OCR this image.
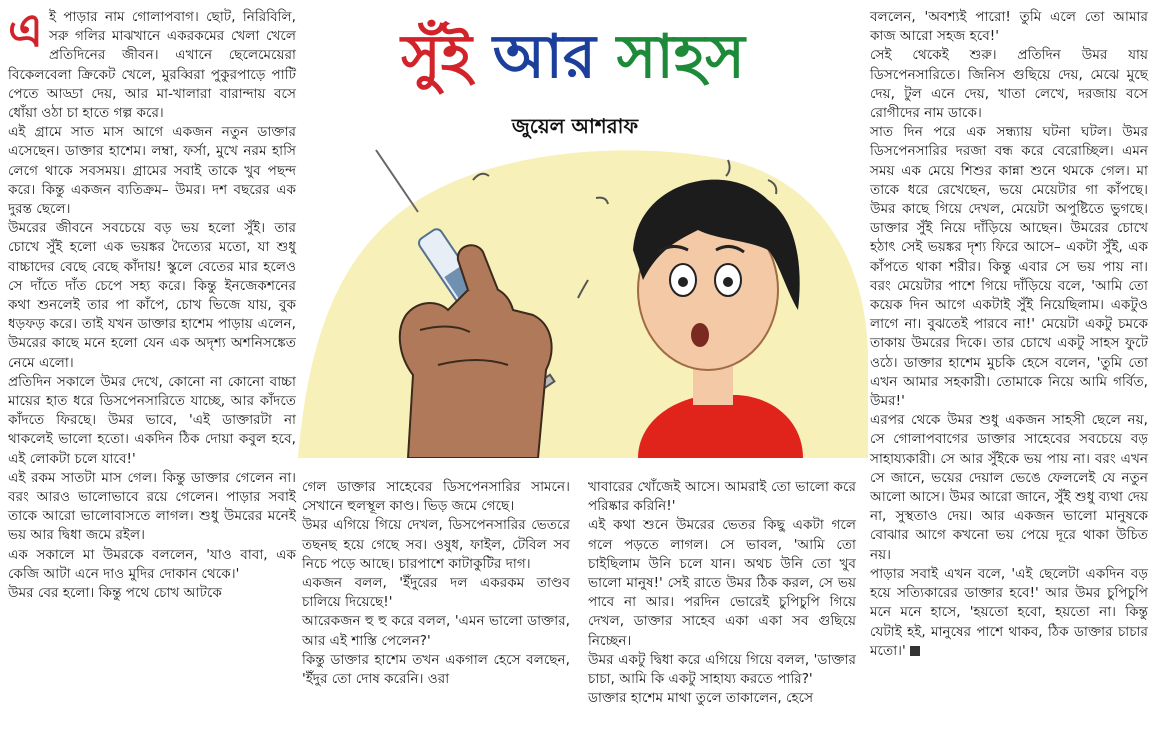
এই পাড়ার নাম গোলাপবাগ। ছোট, নিরিবিলি, সরু গলির মাঝখানে একরকমের খেলা খেলে প্রতিদিনের জীবন। এখানে ছেলেমেয়েরা বিকেলবেলা ক্রিকেট খেলে, মুরব্বিরা পুকুরপাড়ে পাটি পেতে আড্ডা দেয়, আর মা-খালারা বারান্দায় বসে ধোঁয়া ওঠা চা হাতে গল্প করে।

এই গ্রামে সাত মাস আগে একজন নতুন ডাক্তার এসেছেন। ডাক্তার হাশেম। লম্বা, ফর্সা, মুখে নরম হাসি লেগে থাকে সবসময়। গ্রামের সবাই তাকে খুব পছন্দ করে। কিন্তু একজন ব্যতিক্রম– উমর। দশ বছরের এক দুরন্ত ছেলে।

উমরের জীবনে সবচেয়ে বড় ভয় হলো সুঁই। তার চোখে সুঁই হলো এক ভয়ঙ্কর দৈত্যের মতো, যা শুধু বাচ্চাদের বেছে বেছে কাঁদায়! স্কুলে বেতের মার হলেও সে দাঁতে দাঁত চেপে সহ্য করে। কিন্তু ইনজেকশনের কথা শুনলেই তার পা কাঁপে, চোখ ভিজে যায়, বুক ধড়ফড় করে। তাই যখন ডাক্তার হাশেম পাড়ায় এলেন, উমরের কাছে মনে হলো যেন এক অদৃশ্য অশনিসঙ্কেত নেমে এলো।

প্রতিদিন সকালে উমর দেখে, কোনো না কোনো বাচ্চা মায়ের হাত ধরে ডিসপেনসারিতে যাচ্ছে, আর কাঁদতে কাঁদতে ফিরছে। উমর ভাবে, 'এই ডাক্তারটা না থাকলেই ভালো হতো। একদিন ঠিক দোয়া কবুল হবে, এই লোকটা চলে যাবে!'

এই রকম সাতটা মাস গেল। কিন্তু ডাক্তার গেলেন না। বরং আরও ভালোভাবে রয়ে গেলেন। পাড়ার সবাই তাকে আরো ভালোবাসতে লাগল। শুধু উমরের মনেই ভয় আর দ্বিধা জমে রইল।

এক সকালে মা উমরকে বললেন, 'যাও বাবা, এক কেজি আটা এনে দাও মুদির দোকান থেকে।'

উমর বের হলো। কিন্তু পথে চোখ আটকে

সুঁই আর সাহস
জুয়েল আশরাফ

গেল ডাক্তার সাহেবের ডিসপেনসারির সামনে। সেখানে হুলস্থূল কাণ্ড। ভিড় জমে গেছে।

উমর এগিয়ে গিয়ে দেখল, ডিসপেনসারির ভেতরে তছনছ হয়ে গেছে সব। ওষুধ, ফাইল, টেবিল সব নিচে পড়ে আছে। চারপাশে কাটাকুটির দাগ।

একজন বলল, 'ইঁদুরের দল একরকম তাণ্ডব চালিয়ে দিয়েছে!'

আরেকজন হু হু করে বলল, 'এমন ভালো ডাক্তার, আর এই শাস্তি পেলেন?'

কিন্তু ডাক্তার হাশেম তখন একগাল হেসে বলছেন, 'ইঁদুর তো দোষ করেনি। ওরা

খাবারের খোঁজেই আসে। আমরাই তো ভালো করে পরিষ্কার করিনি!'

এই কথা শুনে উমরের ভেতর কিছু একটা গলে গলে পড়তে লাগল। সে ভাবল, 'আমি তো চাইছিলাম উনি চলে যান। অথচ উনি তো খুব ভালো মানুষ!' সেই রাতে উমর ঠিক করল, সে ভয় পাবে না আর। পরদিন ভোরেই চুপিচুপি গিয়ে দেখল, ডাক্তার সাহেব একা একা সব গুছিয়ে নিচ্ছেন।

উমর একটু দ্বিধা করে এগিয়ে গিয়ে বলল, 'ডাক্তার চাচা, আমি কি একটু সাহায্য করতে পারি?'

ডাক্তার হাশেম মাথা তুলে তাকালেন, হেসে

বললেন, 'অবশ্যই পারো! তুমি এলে তো আমার কাজ আরো সহজ হবে!'

সেই থেকেই শুরু। প্রতিদিন উমর যায় ডিসপেনসারিতে। জিনিস গুছিয়ে দেয়, মেঝে মুছে দেয়, টুল এনে দেয়, খাতা লেখে, দরজায় বসে রোগীদের নাম ডাকে।

সাত দিন পরে এক সন্ধ্যায় ঘটনা ঘটল। উমর ডিসপেনসারির দরজা বন্ধ করে বেরোচ্ছিল। এমন সময় এক মেয়ে শিশুর কান্না শুনে থমকে গেল। মা তাকে ধরে রেখেছেন, ভয়ে মেয়েটার গা কাঁপছে। উমর কাছে গিয়ে দেখল, মেয়েটা অপুষ্টিতে ভুগছে। ডাক্তার সুঁই নিয়ে দাঁড়িয়ে আছেন। উমরের চোখে হঠাৎ সেই ভয়ঙ্কর দৃশ্য ফিরে আসে– একটা সুঁই, এক কাঁপতে থাকা শরীর। কিন্তু এবার সে ভয় পায় না। বরং মেয়েটার পাশে গিয়ে দাঁড়িয়ে বলে, 'আমি তো কয়েক দিন আগে একটাই সুঁই নিয়েছিলাম। একটুও লাগে না। বুঝতেই পারবে না!' মেয়েটা একটু চমকে তাকায় উমরের দিকে। তার চোখে একটু সাহস ফুটে ওঠে। ডাক্তার হাশেম মুচকি হেসে বলেন, 'তুমি তো এখন আমার সহকারী। তোমাকে নিয়ে আমি গর্বিত, উমর!'

এরপর থেকে উমর শুধু একজন সাহসী ছেলে নয়, সে গোলাপবাগের ডাক্তার সাহেবের সবচেয়ে বড় সাহায্যকারী। সে আর সুঁইকে ভয় পায় না। বরং এখন সে জানে, ভয়ের দেয়াল ভেঙে ফেললেই যে নতুন আলো আসে। উমর আরো জানে, সুঁই শুধু ব্যথা দেয় না, সুস্থতাও দেয়। আর একজন ভালো মানুষকে বোঝার আগে কখনো ভয় পেয়ে দূরে থাকা উচিত নয়।

পাড়ার সবাই এখন বলে, 'এই ছেলেটা একদিন বড় হয়ে সত্যিকারের ডাক্তার হবে!' আর উমর চুপিচুপি মনে মনে হাসে, 'হয়তো হবো, হয়তো না। কিন্তু যেটাই হই, মানুষের পাশে থাকব, ঠিক ডাক্তার চাচার মতো।'
